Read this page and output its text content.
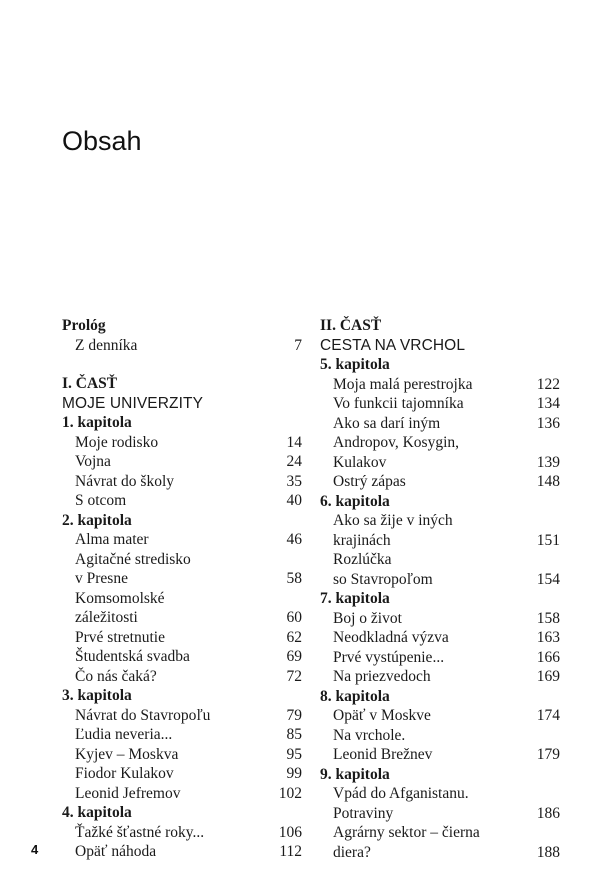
Obsah
Prológ
Z denníka	7
I. ČASŤ
MOJE UNIVERZITY
1. kapitola
Moje rodisko	14
Vojna	24
Návrat do školy	35
S otcom	40
2. kapitola
Alma mater	46
Agitačné stredisko
v Presne	58
Komsomolské
záležitosti	60
Prvé stretnutie	62
Študentská svadba	69
Čo nás čaká?	72
3. kapitola
Návrat do Stavropoľu	79
Ľudia neveria...	85
Kyjev – Moskva	95
Fiodor Kulakov	99
Leonid Jefremov	102
4. kapitola
Ťažké šťastné roky...	106
Opäť náhoda	112
II. ČASŤ
CESTA NA VRCHOL
5. kapitola
Moja malá perestrojka	122
Vo funkcii tajomníka	134
Ako sa darí iným	136
Andropov, Kosygin,
Kulakov	139
Ostrý zápas	148
6. kapitola
Ako sa žije v iných
krajinách	151
Rozlúčka
so Stavropoľom	154
7. kapitola
Boj o život	158
Neodkladná výzva	163
Prvé vystúpenie...	166
Na priezvedoch	169
8. kapitola
Opäť v Moskve	174
Na vrchole.
Leonid Brežnev	179
9. kapitola
Vpád do Afganistanu.
Potraviny	186
Agrárny sektor – čierna
diera?	188
4
